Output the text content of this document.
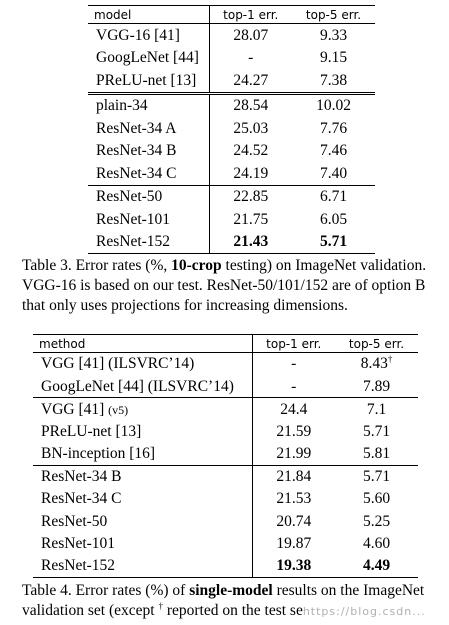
model	top-1 err.	top-5 err.
VGG-16 [41]	28.07	9.33
GoogLeNet [44]	-	9.15
PReLU-net [13]	24.27	7.38
plain-34	28.54	10.02
ResNet-34 A	25.03	7.76
ResNet-34 B	24.52	7.46
ResNet-34 C	24.19	7.40
ResNet-50	22.85	6.71
ResNet-101	21.75	6.05
ResNet-152	21.43	5.71

Table 3. Error rates (%, 10-crop testing) on ImageNet validation. VGG-16 is based on our test. ResNet-50/101/152 are of option B that only uses projections for increasing dimensions.

method	top-1 err.	top-5 err.
VGG [41] (ILSVRC’14)	-	8.43†
GoogLeNet [44] (ILSVRC’14)	-	7.89
VGG [41] (v5)	24.4	7.1
PReLU-net [13]	21.59	5.71
BN-inception [16]	21.99	5.81
ResNet-34 B	21.84	5.71
ResNet-34 C	21.53	5.60
ResNet-50	20.74	5.25
ResNet-101	19.87	4.60
ResNet-152	19.38	4.49

Table 4. Error rates (%) of single-model results on the ImageNet validation set (except † reported on the test sehttps://blog.csdn...
